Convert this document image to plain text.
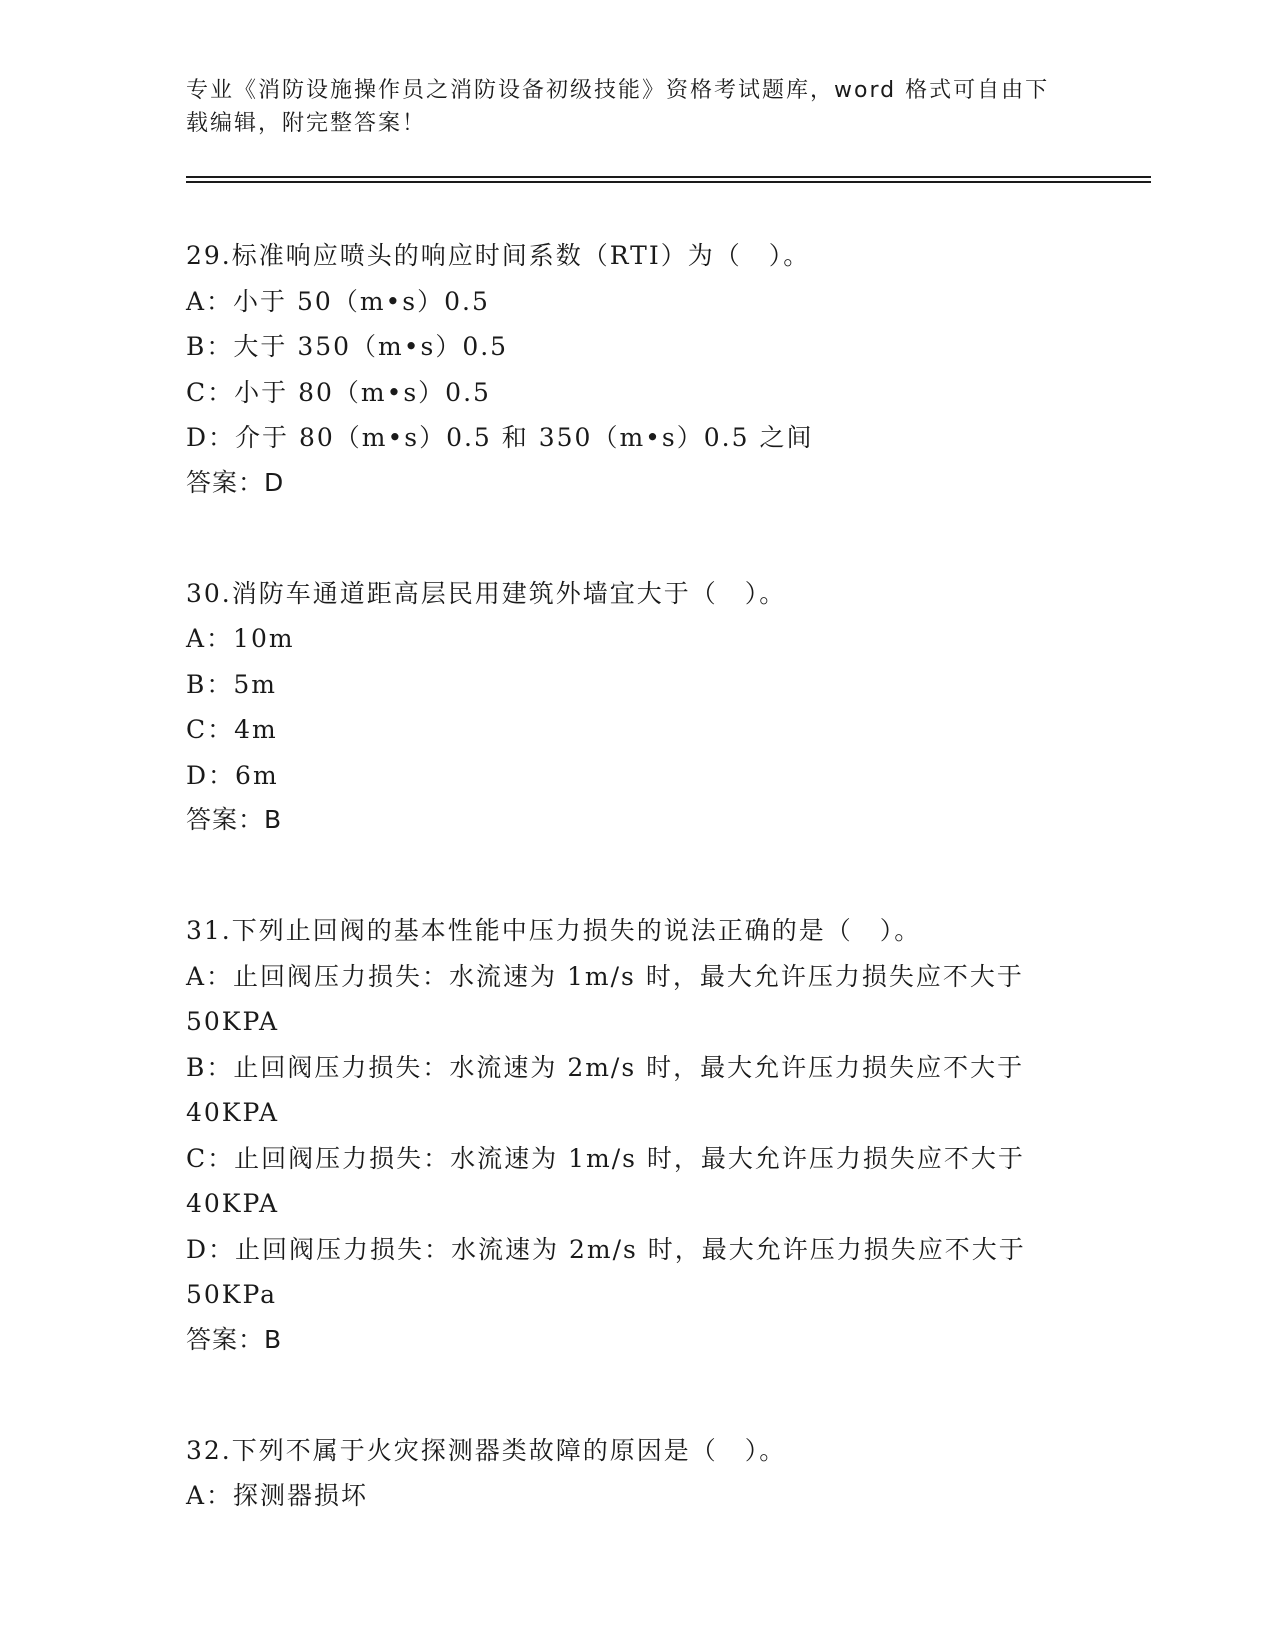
专业《消防设施操作员之消防设备初级技能》资格考试题库，word 格式可自由下
载编辑，附完整答案！
29.标准响应喷头的响应时间系数（RTI）为（　）。
A：小于 50（m•s）0.5
B：大于 350（m•s）0.5
C：小于 80（m•s）0.5
D：介于 80（m•s）0.5 和 350（m•s）0.5 之间
答案：D
30.消防车通道距高层民用建筑外墙宜大于（　）。
A：10m
B：5m
C：4m
D：6m
答案：B
31.下列止回阀的基本性能中压力损失的说法正确的是（　）。
A：止回阀压力损失：水流速为 1m/s 时，最大允许压力损失应不大于
50KPA
B：止回阀压力损失：水流速为 2m/s 时，最大允许压力损失应不大于
40KPA
C：止回阀压力损失：水流速为 1m/s 时，最大允许压力损失应不大于
40KPA
D：止回阀压力损失：水流速为 2m/s 时，最大允许压力损失应不大于
50KPa
答案：B
32.下列不属于火灾探测器类故障的原因是（　）。
A：探测器损坏
